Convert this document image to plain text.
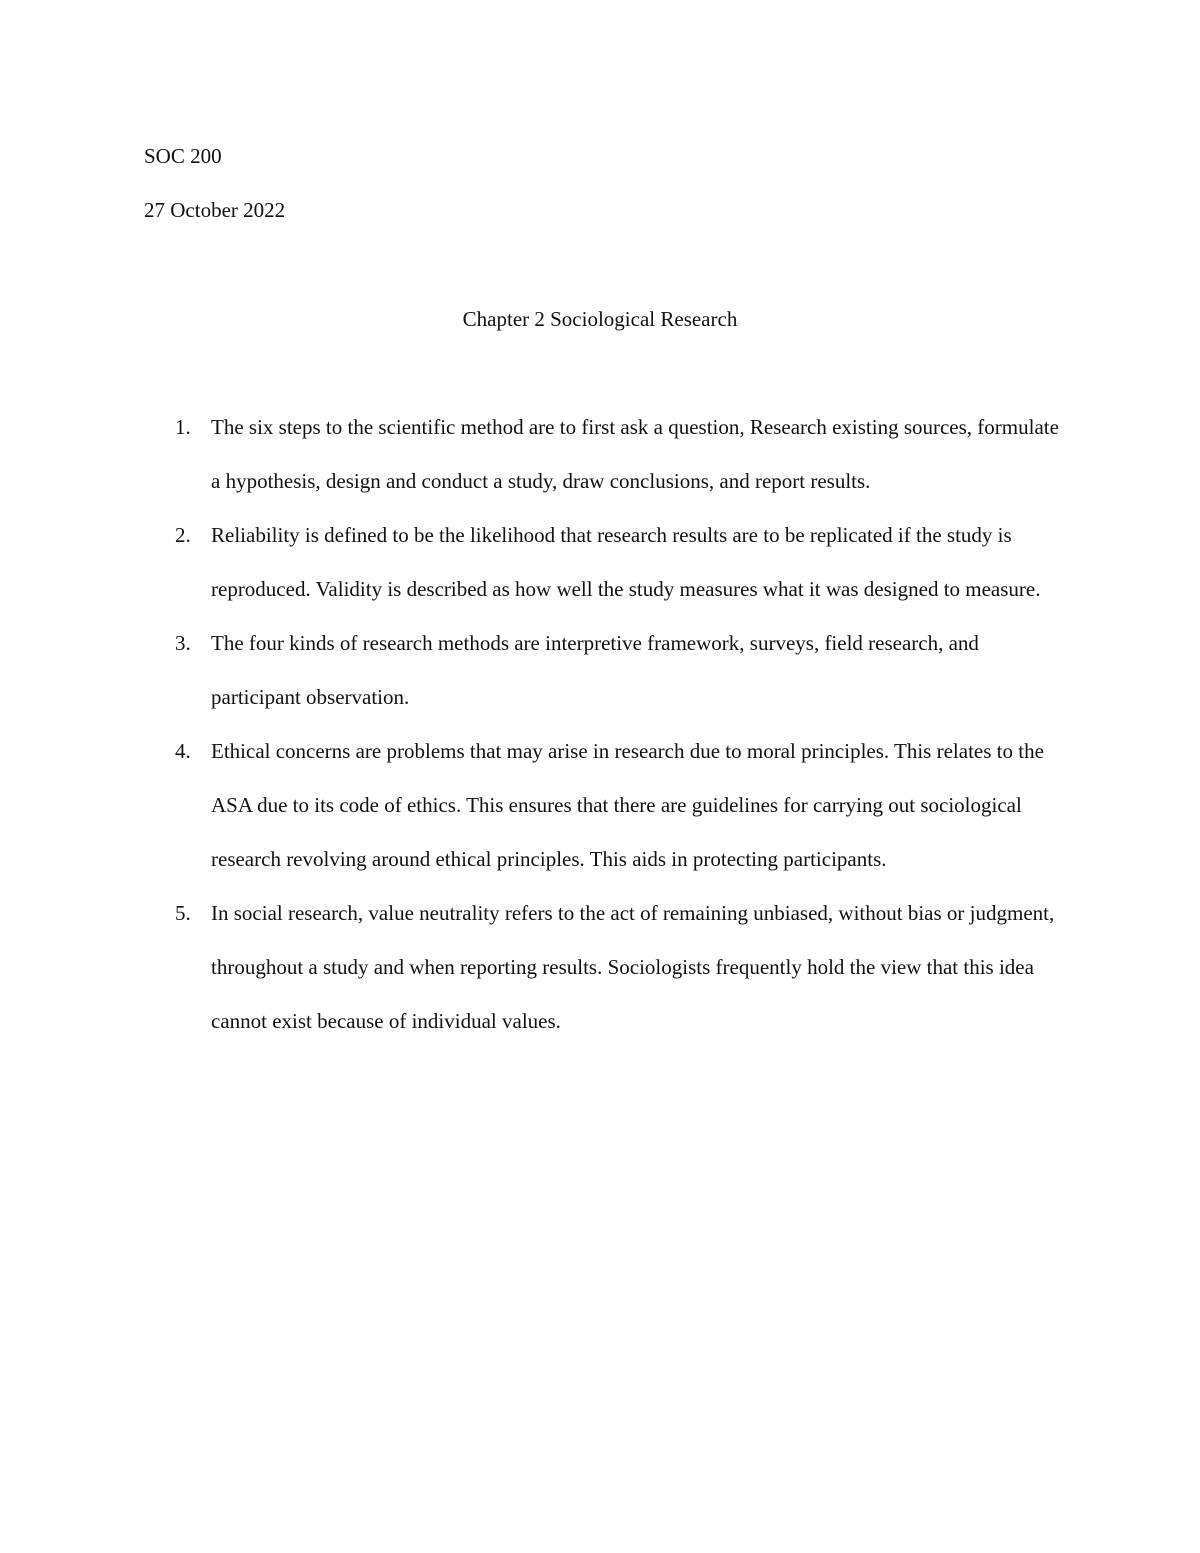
SOC 200
27 October 2022
Chapter 2 Sociological Research
1. The six steps to the scientific method are to first ask a question, Research existing sources, formulate a hypothesis, design and conduct a study, draw conclusions, and report results.
2. Reliability is defined to be the likelihood that research results are to be replicated if the study is reproduced. Validity is described as how well the study measures what it was designed to measure.
3. The four kinds of research methods are interpretive framework, surveys, field research, and participant observation.
4. Ethical concerns are problems that may arise in research due to moral principles. This relates to the ASA due to its code of ethics. This ensures that there are guidelines for carrying out sociological research revolving around ethical principles. This aids in protecting participants.
5. In social research, value neutrality refers to the act of remaining unbiased, without bias or judgment, throughout a study and when reporting results. Sociologists frequently hold the view that this idea cannot exist because of individual values.
